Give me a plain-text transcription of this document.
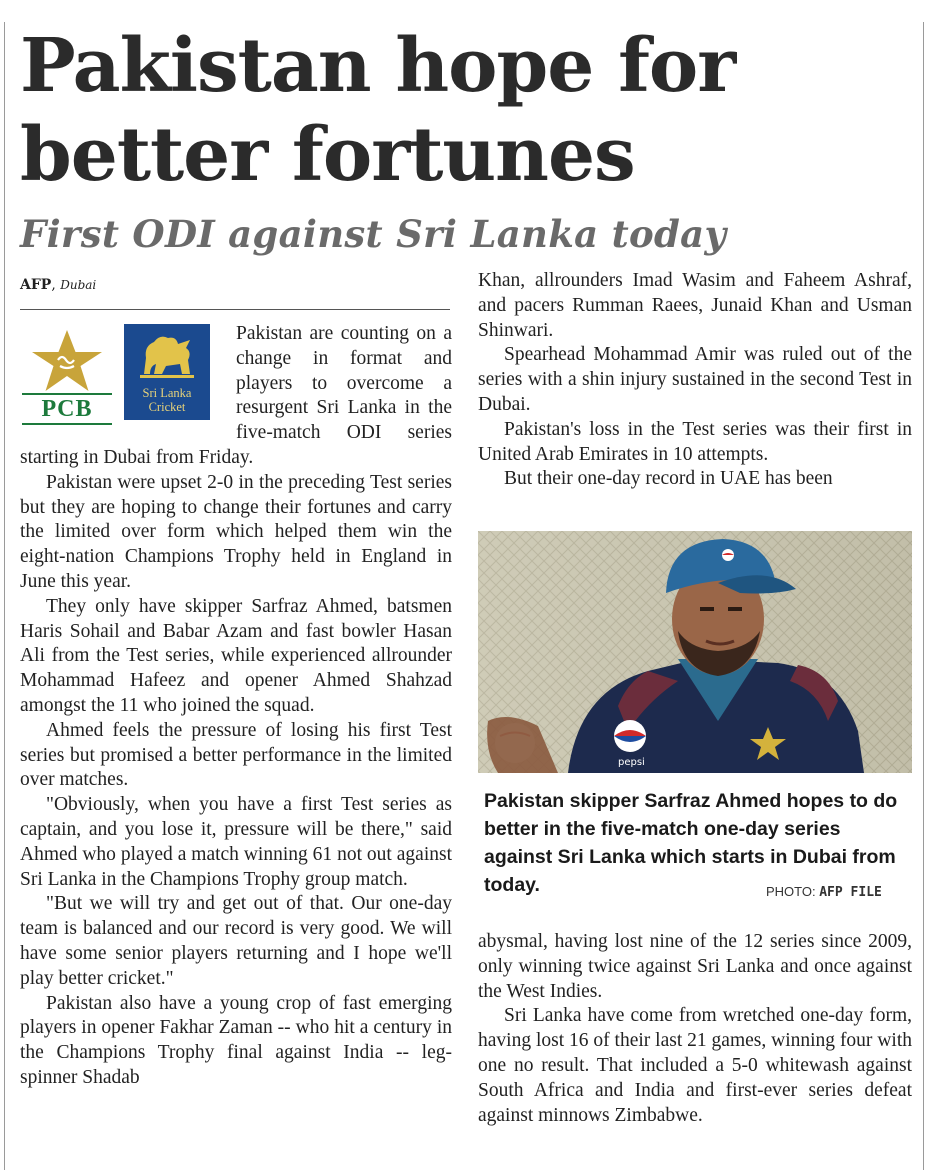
Pakistan hope for better fortunes
First ODI against Sri Lanka today
AFP, Dubai
PCB
Sri Lanka
Cricket

Pakistan are counting on a change in format and players to overcome a resurgent Sri Lanka in the five-match ODI series starting in Dubai from Friday.

Pakistan were upset 2-0 in the preceding Test series but they are hoping to change their fortunes and carry the limited over form which helped them win the eight-nation Champions Trophy held in England in June this year.

They only have skipper Sarfraz Ahmed, batsmen Haris Sohail and Babar Azam and fast bowler Hasan Ali from the Test series, while experienced allrounder Mohammad Hafeez and opener Ahmed Shahzad amongst the 11 who joined the squad.

Ahmed feels the pressure of losing his first Test series but promised a better performance in the limited over matches.

"Obviously, when you have a first Test series as captain, and you lose it, pressure will be there," said Ahmed who played a match winning 61 not out against Sri Lanka in the Champions Trophy group match.

"But we will try and get out of that. Our one-day team is balanced and our record is very good. We will have some senior players returning and I hope we'll play better cricket."

Pakistan also have a young crop of fast emerging players in opener Fakhar Zaman -- who hit a century in the Champions Trophy final against India -- leg-spinner Shadab

Khan, allrounders Imad Wasim and Faheem Ashraf, and pacers Rumman Raees, Junaid Khan and Usman Shinwari.

Spearhead Mohammad Amir was ruled out of the series with a shin injury sustained in the second Test in Dubai.

Pakistan's loss in the Test series was their first in United Arab Emirates in 10 attempts.

But their one-day record in UAE has been

pepsi
Pakistan skipper Sarfraz Ahmed hopes to do better in the five-match one-day series against Sri Lanka which starts in Dubai from today.	PHOTO: AFP FILE

abysmal, having lost nine of the 12 series since 2009, only winning twice against Sri Lanka and once against the West Indies.

Sri Lanka have come from wretched one-day form, having lost 16 of their last 21 games, winning four with one no result. That included a 5-0 whitewash against South Africa and India and first-ever series defeat against minnows Zimbabwe.
